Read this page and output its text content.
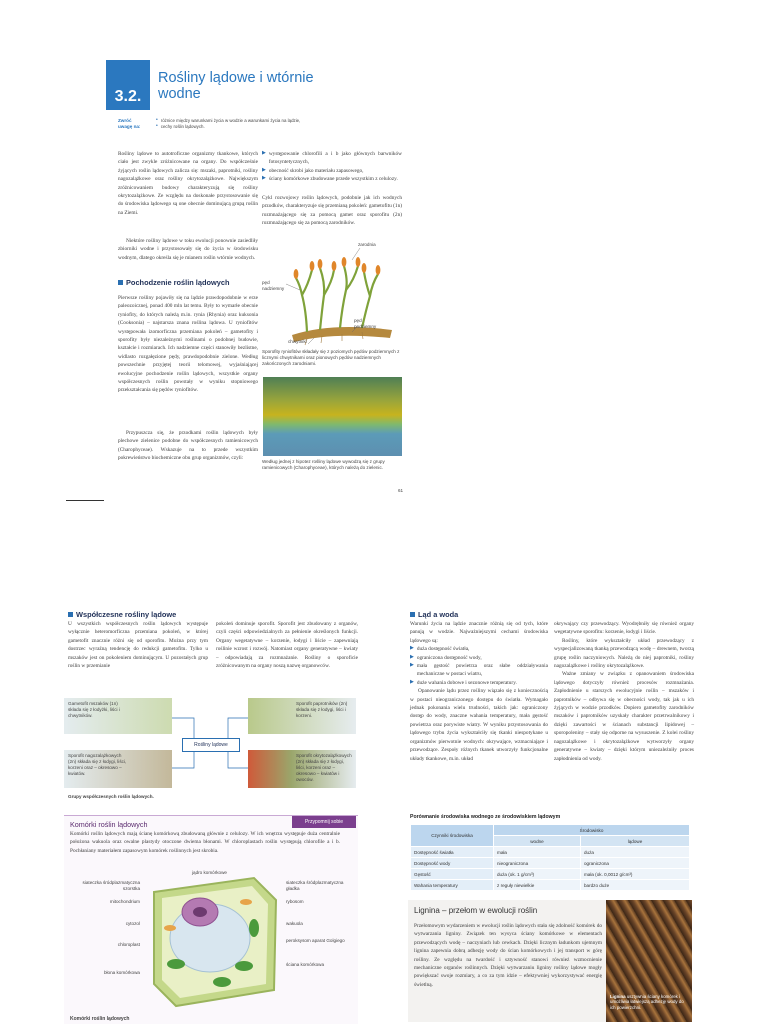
3.2.
Rośliny lądowe i wtórnie
wodne
Zwróć
uwagę na:
• różnice między warunkami życia w wodzie a warunkami życia na lądzie,
• cechy roślin lądowych.
Rośliny lądowe to autotroficzne organizmy tkankowe, których ciało jest zwykle zróżnicowane na organy. Do współcześnie żyjących roślin lądowych zalicza się: mszaki, paprotniki, rośliny nagozalążkowe oraz rośliny okrytozalążkowe. Największym zróżnicowaniem budowy charakteryzują się rośliny okrytozalążkowe. Ze względu na doskonałe przystosowanie się do środowiska lądowego są one obecnie dominującą grupą roślin na Ziemi.
Niektóre rośliny lądowe w toku ewolucji ponownie zasiedliły zbiorniki wodne i przystosowały się do życia w środowisku wodnym, dlatego określa się je mianem roślin wtórnie wodnych.
Pochodzenie roślin lądowych
Pierwsze rośliny pojawiły się na lądzie prawdopodobnie w erze paleozoicznej, ponad 400 mln lat temu. Były to wymarłe obecnie ryniofity, do których należą m.in. rynia (Rhynia) oraz kuksonia (Cooksonia) – najstarsza znana roślina lądowa. U ryniofitów występowała izomorficzna przemiana pokoleń – gametofity i sporofity były niezależnymi roślinami o podobnej budowie, kształcie i rozmiarach. Ich nadziemne części stanowiły bezlistne, widlasto rozgałęzione pędy, prawdopodobnie zielone. Według powszechnie przyjętej teorii telomowej, wyjaśniającej ewolucyjne pochodzenie roślin lądowych, wszystkie organy współczesnych roślin powstały w wyniku stopniowego przekształcania się pędów ryniofitów.
Przypuszcza się, że przodkami roślin lądowych były plechowe zielenice podobne do współczesnych ramienicowych (Charophyceae). Wskazuje na to przede wszystkim pokrewieństwo biochemiczne obu grup organizmów, czyli:
▶ występowanie chlorofili a i b jako głównych barwników fotosyntetycznych,
▶ obecność skrobi jako materiału zapasowego,
▶ ściany komórkowe zbudowane przede wszystkim z celulozy.
Cykl rozwojowy roślin lądowych, podobnie jak ich wodnych przodków, charakteryzuje się przemianą pokoleń: gametofitu (1n) rozmnażającego się za pomocą gamet oraz sporofitu (2n) rozmnażającego się za pomocą zarodników.
zarodnia
pęd
nadziemny
chwytniki
pęd
podziemny
Sporofity ryniofitów składały się z poziomych pędów podziemnych z licznymi chwytnikami oraz pionowych pędów nadziemnych zakończonych zarodniami.
Według jednej z hipotez rośliny lądowe wywodzą się z grupy ramienicowych (Charophyceae), których należą do zielenic.
61
Współczesne rośliny lądowe
U wszystkich współczesnych roślin lądowych występuje wyłącznie heteromorficzna przemiana pokoleń, w której gametofit znacznie różni się od sporofitu. Można przy tym dostrzec wyraźną tendencję do redukcji gametofitu. Tylko u mszaków jest on pokoleniem dominującym. U pozostałych grup roślin w przemianie
pokoleń dominuje sporofit. Sporofit jest zbudowany z organów, czyli części odpowiedzialnych za pełnienie określonych funkcji. Organy wegetatywne – korzenie, łodygi i liście – zapewniają roślinie wzrost i rozwój. Natomiast organy generatywne – kwiaty – odpowiadają za rozmnażanie. Rośliny o sporoficie zróżnicowanym na organy noszą nazwę organowców.
Rośliny lądowe
Gametofit mszaków (1n) składa się z łodyżki, liści i chwytników.
Sporofit paprotników (2n) składa się z łodygi, liści i korzeni.
Sporofit nagozalążkowych (2n) składa się z łodygi, liści, korzeni oraz – okresowo – kwiatów.
Sporofit okrytozalążkowych (2n) składa się z łodygi, liści, korzeni oraz – okresowo – kwiatów i owoców.
Grupy współczesnych roślin lądowych.
Komórki roślin lądowych	Przypomnij sobie
Komórki roślin lądowych mają ścianę komórkową zbudowaną głównie z celulozy. W ich wnętrzu występuje duża centralnie położona wakuola oraz owalne plastydy otoczone dwiema błonami. W chloroplastach roślin występują chlorofile a i b. Pochłaniany materiałem zapasowym komórek roślinnych jest skrobia.
jądro komórkowe
siateczka śródplazmatyczna szorstka
mitochondrium
cytozol
chloroplast
błona komórkowa
siateczka śródplazmatyczna gładka
rybosom
wakuola
peroksysom aparat Golgiego
ściana komórkowa
Komórki roślin lądowych
Ląd a woda
Warunki życia na lądzie znacznie różnią się od tych, które panują w wodzie. Najważniejszymi cechami środowiska lądowego są:
▶ duża dostępność światła,
▶ ograniczona dostępność wody,
▶ mała gęstość powietrza oraz słabe oddziaływania mechaniczne w postaci wiatru,
▶ duże wahania dobowe i sezonowe temperatury.
Opanowanie lądu przez rośliny wiązało się z koniecznością w postaci nieograniczonego dostępu do światła. Wymagało jednak pokonania wielu trudności, takich jak: ograniczony dostęp do wody, znaczne wahania temperatury, mała gęstość powietrza oraz porywiste wiatry. W wyniku przystosowania do lądowego trybu życia wykształciły się tkanki niespotykane u organizmów pierwotnie wodnych: okrywające, wzmacniające i przewodzące. Zespoły różnych tkanek utworzyły funkcjonalne układy tkankowe, m.in. układ
okrywający czy przewodzący. Wyodrębniły się również organy wegetatywne sporofitu: korzenie, łodygi i liście.
Rośliny, które wykształciły układ przewodzący z wyspecjalizowaną tkanką przewodzącą wodę – drewnem, tworzą grupę roślin naczyniowych. Należą do niej paprotniki, rośliny nagozalążkowe i rośliny okrytozalążkowe.
Ważne zmiany w związku z opanowaniem środowiska lądowego dotyczyły również procesów rozmnażania. Zapłodnienie u starszych ewolucyjnie roślin – mszaków i paprotników – odbywa się w obecności wody, tak jak u ich żyjących w wodzie przodków. Dopiero gametofity zarodników mszaków i paprotników uzyskały charakter przetrwalnikowy i dzięki zawartości w ścianach substancji lipidowej – sporopoleniny – stały się odporne na wysuszenie. Z kolei rośliny nagozalążkowe i okrytozalążkowe wytworzyły organy generatywne – kwiaty – dzięki którym uniezależniły proces zapłodnienia od wody.
Porównanie środowiska wodnego ze środowiskiem lądowym
Czynniki środowiska	Środowisko	
	wodne	lądowe
Dostępność światła	mała	duża
Dostępność wody	nieograniczona	ograniczona
Gęstość	duża (ok. 1 g/cm³)	mała (ok. 0,0012 g/cm³)
Wahania temperatury	z reguły niewielkie	bardzo duże
Lignina – przełom w ewolucji roślin
Przełomowym wydarzeniem w ewolucji roślin lądowych stała się zdolność komórek do wytwarzania ligniny. Związek ten wysyca ściany komórkowe w elementach przewodzących wodę – naczyniach lub cewkach. Dzięki licznym ładunkom ujemnym lignina zapewnia dobrą adhezję wody do ścian komórkowych i jej transport w górę rośliny. Ze względu na twardość i sztywność stanowi również wzmocnienie mechaniczne organów roślinnych. Dzięki wytwarzaniu ligniny rośliny lądowe mogły powiększać swoje rozmiary, a co za tym idzie – efektywniej wykorzystywać energię świetlną.
Lignina usztywnia ściany komórek i umożliwia łatwiejszą adhezję wody do ich powierzchni.
